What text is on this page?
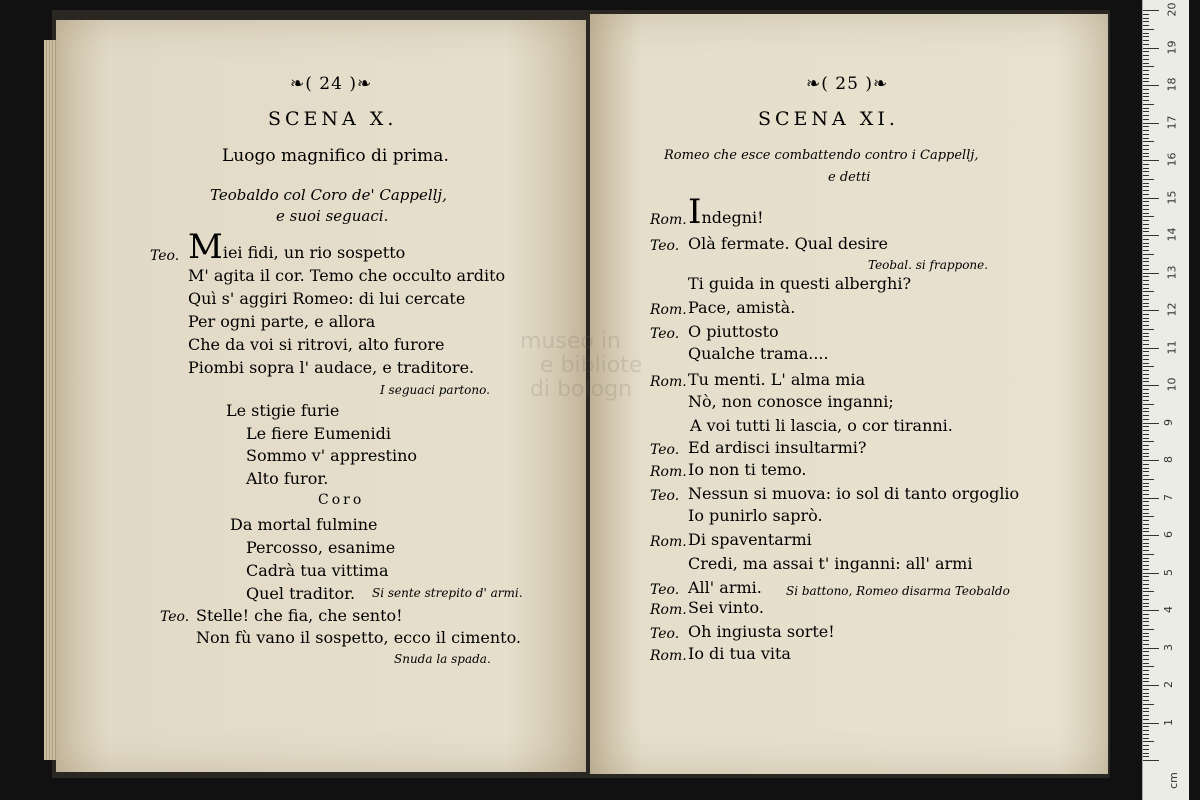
❧( 24 )❧
SCENA X.
Luogo magnifico di prima.
Teobaldo col Coro de' Cappellj,
e suoi seguaci.
Teo. Miei fidi, un rio sospetto
M' agita il cor. Temo che occulto ardito
Quì s' aggiri Romeo: di lui cercate
Per ogni parte, e allora
Che da voi si ritrovi, alto furore
Piombi sopra l' audace, e traditore.
I seguaci partono.
Le stigie furie
Le fiere Eumenidi
Sommo v' apprestino
Alto furor.
Coro
Da mortal fulmine
Percosso, esanime
Cadrà tua vittima
Quel traditor. Si sente strepito d' armi.
Teo. Stelle! che fia, che sento!
Non fù vano il sospetto, ecco il cimento.
Snuda la spada.
❧( 25 )❧
SCENA XI.
Romeo che esce combattendo contro i Cappellj,
e detti
Rom. Indegni!
Teo. Olà fermate. Qual desire
Teobal. si frappone.
Ti guida in questi alberghi?
Rom. Pace, amistà.
Teo. O piuttosto
Qualche trama....
Rom. Tu menti. L' alma mia
Nò, non conosce inganni;
A voi tutti li lascia, o cor tiranni.
Teo. Ed ardisci insultarmi?
Rom. Io non ti temo.
Teo. Nessun si muova: io sol di tanto orgoglio
Io punirlo saprò.
Rom. Di spaventarmi
Credi, ma assai t' inganni: all' armi
Teo. All' armi. Si battono, Romeo disarma Teobaldo
Rom. Sei vinto.
Teo. Oh ingiusta sorte!
Rom. Io di tua vita
museo in
e bibliote
di bologn
1
2
3
4
5
6
7
8
9
10
11
12
13
14
15
16
17
18
19
20
cm
